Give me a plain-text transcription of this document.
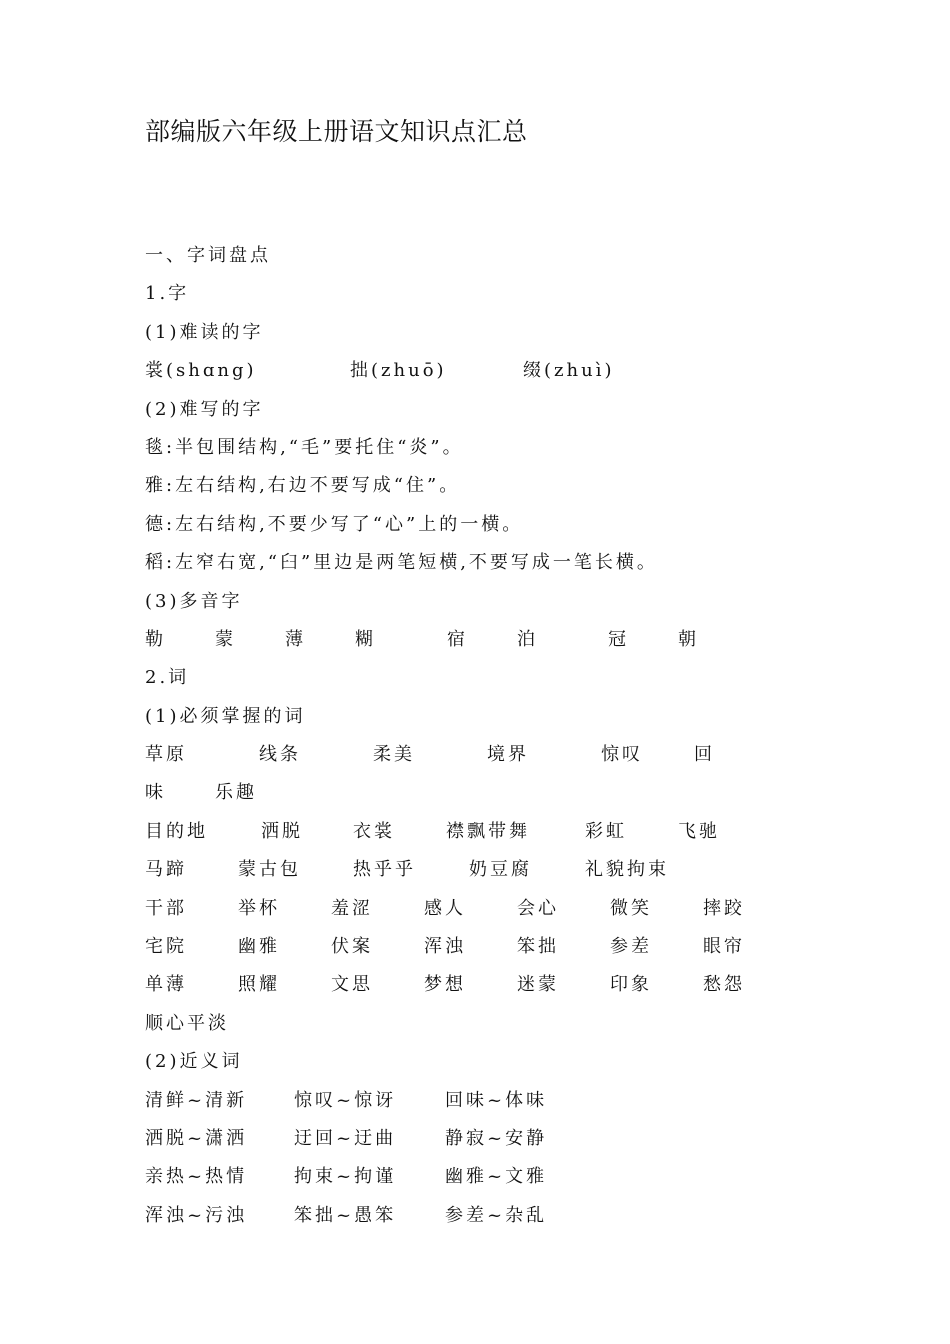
部编版六年级上册语文知识点汇总
一、字词盘点
1.字
(1)难读的字
裳(shɑng)	拙(zhuō)	缀(zhuì)
(2)难写的字
毯:半包围结构,“毛”要托住“炎”。
雅:左右结构,右边不要写成“住”。
德:左右结构,不要少写了“心”上的一横。
稻:左窄右宽,“臼”里边是两笔短横,不要写成一笔长横。
(3)多音字
勒	蒙	薄	糊	宿	泊	冠	朝
2.词
(1)必须掌握的词
草原	线条	柔美	境界	惊叹	回
味	乐趣
目的地	洒脱	衣裳	襟飘带舞	彩虹	飞驰
马蹄	蒙古包	热乎乎	奶豆腐	礼貌拘束
干部	举杯	羞涩	感人	会心	微笑	摔跤
宅院	幽雅	伏案	浑浊	笨拙	参差	眼帘
单薄	照耀	文思	梦想	迷蒙	印象	愁怨
顺心平淡
(2)近义词
清鲜~清新	惊叹~惊讶	回味~体味
洒脱~潇洒	迂回~迂曲	静寂~安静
亲热~热情	拘束~拘谨	幽雅~文雅
浑浊~污浊	笨拙~愚笨	参差~杂乱
